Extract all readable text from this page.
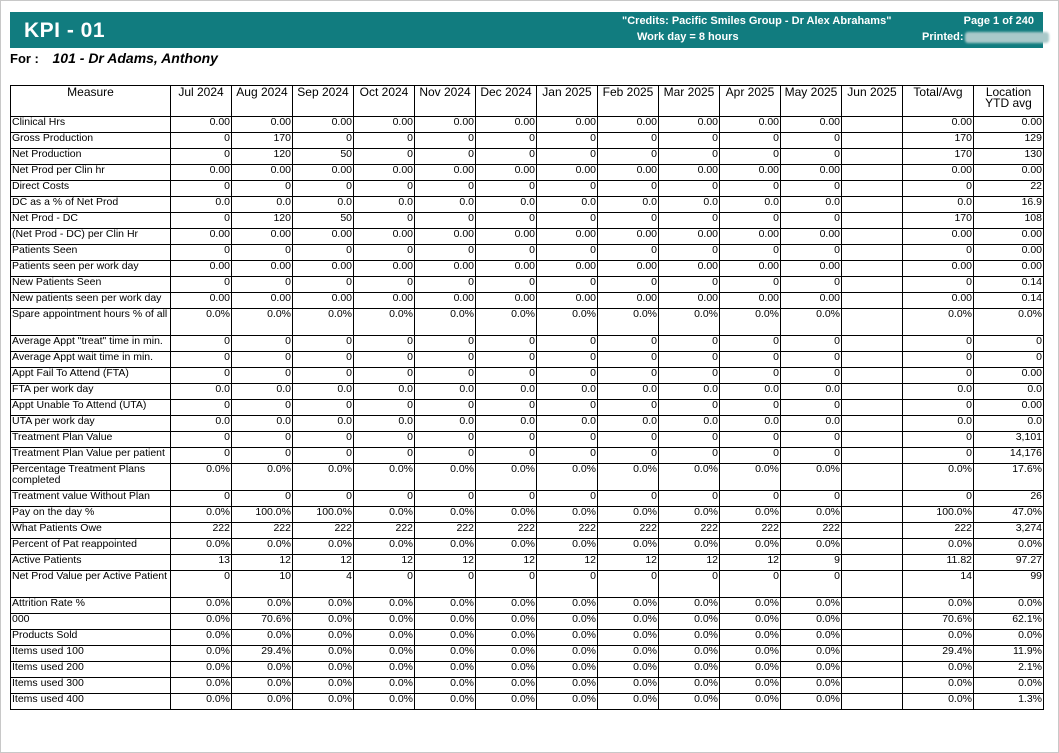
KPI - 01	"Credits: Pacific Smiles Group - Dr Alex Abrahams"
Work day = 8 hours
Page 1 of 240
Printed:
For : 101 - Dr Adams, Anthony
Measure	Jul 2024	Aug 2024	Sep 2024	Oct 2024	Nov 2024	Dec 2024	Jan 2025	Feb 2025	Mar 2025	Apr 2025	May 2025	Jun 2025	Total/Avg	Location YTD avg
Clinical Hrs	0.00	0.00	0.00	0.00	0.00	0.00	0.00	0.00	0.00	0.00	0.00		0.00	0.00
Gross Production	0	170	0	0	0	0	0	0	0	0	0		170	129
Net Production	0	120	50	0	0	0	0	0	0	0	0		170	130
Net Prod per Clin hr	0.00	0.00	0.00	0.00	0.00	0.00	0.00	0.00	0.00	0.00	0.00		0.00	0.00
Direct Costs	0	0	0	0	0	0	0	0	0	0	0		0	22
DC as a % of Net Prod	0.0	0.0	0.0	0.0	0.0	0.0	0.0	0.0	0.0	0.0	0.0		0.0	16.9
Net Prod - DC	0	120	50	0	0	0	0	0	0	0	0		170	108
(Net Prod - DC) per Clin Hr	0.00	0.00	0.00	0.00	0.00	0.00	0.00	0.00	0.00	0.00	0.00		0.00	0.00
Patients Seen	0	0	0	0	0	0	0	0	0	0	0		0	0.00
Patients seen per work day	0.00	0.00	0.00	0.00	0.00	0.00	0.00	0.00	0.00	0.00	0.00		0.00	0.00
New Patients Seen	0	0	0	0	0	0	0	0	0	0	0		0	0.14
New patients seen per work day	0.00	0.00	0.00	0.00	0.00	0.00	0.00	0.00	0.00	0.00	0.00		0.00	0.14
Spare appointment hours % of all	0.0%	0.0%	0.0%	0.0%	0.0%	0.0%	0.0%	0.0%	0.0%	0.0%	0.0%		0.0%	0.0%
Average Appt "treat" time in min.	0	0	0	0	0	0	0	0	0	0	0		0	0
Average Appt wait time in min.	0	0	0	0	0	0	0	0	0	0	0		0	0
Appt Fail To Attend (FTA)	0	0	0	0	0	0	0	0	0	0	0		0	0.00
FTA per work day	0.0	0.0	0.0	0.0	0.0	0.0	0.0	0.0	0.0	0.0	0.0		0.0	0.0
Appt Unable To Attend (UTA)	0	0	0	0	0	0	0	0	0	0	0		0	0.00
UTA per work day	0.0	0.0	0.0	0.0	0.0	0.0	0.0	0.0	0.0	0.0	0.0		0.0	0.0
Treatment Plan Value	0	0	0	0	0	0	0	0	0	0	0		0	3,101
Treatment Plan Value per patient	0	0	0	0	0	0	0	0	0	0	0		0	14,176
Percentage Treatment Plans completed	0.0%	0.0%	0.0%	0.0%	0.0%	0.0%	0.0%	0.0%	0.0%	0.0%	0.0%		0.0%	17.6%
Treatment value Without Plan	0	0	0	0	0	0	0	0	0	0	0		0	26
Pay on the day %	0.0%	100.0%	100.0%	0.0%	0.0%	0.0%	0.0%	0.0%	0.0%	0.0%	0.0%		100.0%	47.0%
What Patients Owe	222	222	222	222	222	222	222	222	222	222	222		222	3,274
Percent of Pat reappointed	0.0%	0.0%	0.0%	0.0%	0.0%	0.0%	0.0%	0.0%	0.0%	0.0%	0.0%		0.0%	0.0%
Active Patients	13	12	12	12	12	12	12	12	12	12	9		11.82	97.27
Net Prod Value per Active Patient	0	10	4	0	0	0	0	0	0	0	0		14	99
Attrition Rate %	0.0%	0.0%	0.0%	0.0%	0.0%	0.0%	0.0%	0.0%	0.0%	0.0%	0.0%		0.0%	0.0%
000	0.0%	70.6%	0.0%	0.0%	0.0%	0.0%	0.0%	0.0%	0.0%	0.0%	0.0%		70.6%	62.1%
Products Sold	0.0%	0.0%	0.0%	0.0%	0.0%	0.0%	0.0%	0.0%	0.0%	0.0%	0.0%		0.0%	0.0%
Items used 100	0.0%	29.4%	0.0%	0.0%	0.0%	0.0%	0.0%	0.0%	0.0%	0.0%	0.0%		29.4%	11.9%
Items used 200	0.0%	0.0%	0.0%	0.0%	0.0%	0.0%	0.0%	0.0%	0.0%	0.0%	0.0%		0.0%	2.1%
Items used 300	0.0%	0.0%	0.0%	0.0%	0.0%	0.0%	0.0%	0.0%	0.0%	0.0%	0.0%		0.0%	0.0%
Items used 400	0.0%	0.0%	0.0%	0.0%	0.0%	0.0%	0.0%	0.0%	0.0%	0.0%	0.0%		0.0%	1.3%
